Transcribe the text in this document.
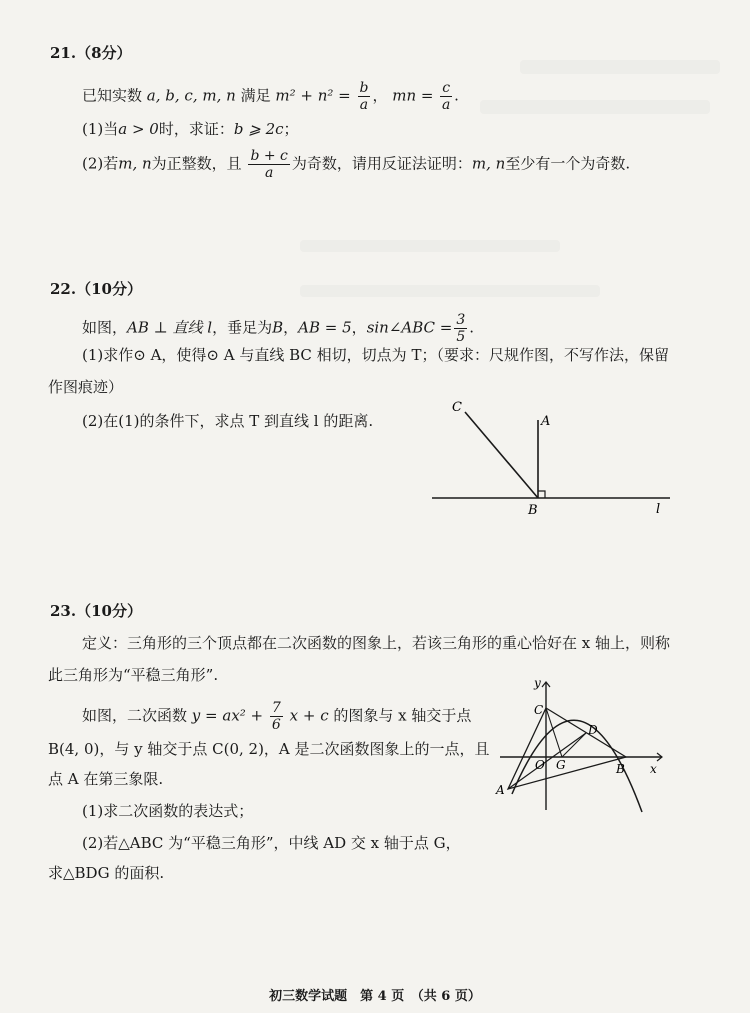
21.（8分）
已知实数 a, b, c, m, n 满足 $m^2 + n^2 = \frac{b}{a}$ ， mn = $\frac{c}{a}$ .
(1)当a > 0时，求证：b ⩾ 2c；
(2)若m, n为正整数，且 $\frac{b + c}{a}$ 为奇数，请用反证法证明：m, n至少有一个为奇数.
22.（10分）
如图，AB ⊥ 直线 l，垂足为B，AB = 5，sin∠ABC = $\frac{3}{5}$ .
(1)求作⊙ A，使得⊙ A 与直线 BC 相切，切点为 T；（要求：尺规作图，不写作法，保留
作图痕迹）
(2)在(1)的条件下，求点 T 到直线 l 的距离.
C
A
B	l
23.（10分）
定义：三角形的三个顶点都在二次函数的图象上，若该三角形的重心恰好在 x 轴上，则称
此三角形为“平稳三角形”.
如图，二次函数 $y = ax^2 + \frac{7}{6}$ x + c 的图象与 x 轴交于点
B(4, 0)，与 y 轴交于点 C(0, 2)，A 是二次函数图象上的一点，且
点 A 在第三象限.
(1)求二次函数的表达式；
(2)若△ABC 为“平稳三角形”，中线 AD 交 x 轴于点 G，
求△BDG 的面积.
y
x
C
D
O G	B
A
初三数学试题　第 4 页　（共 6 页）
